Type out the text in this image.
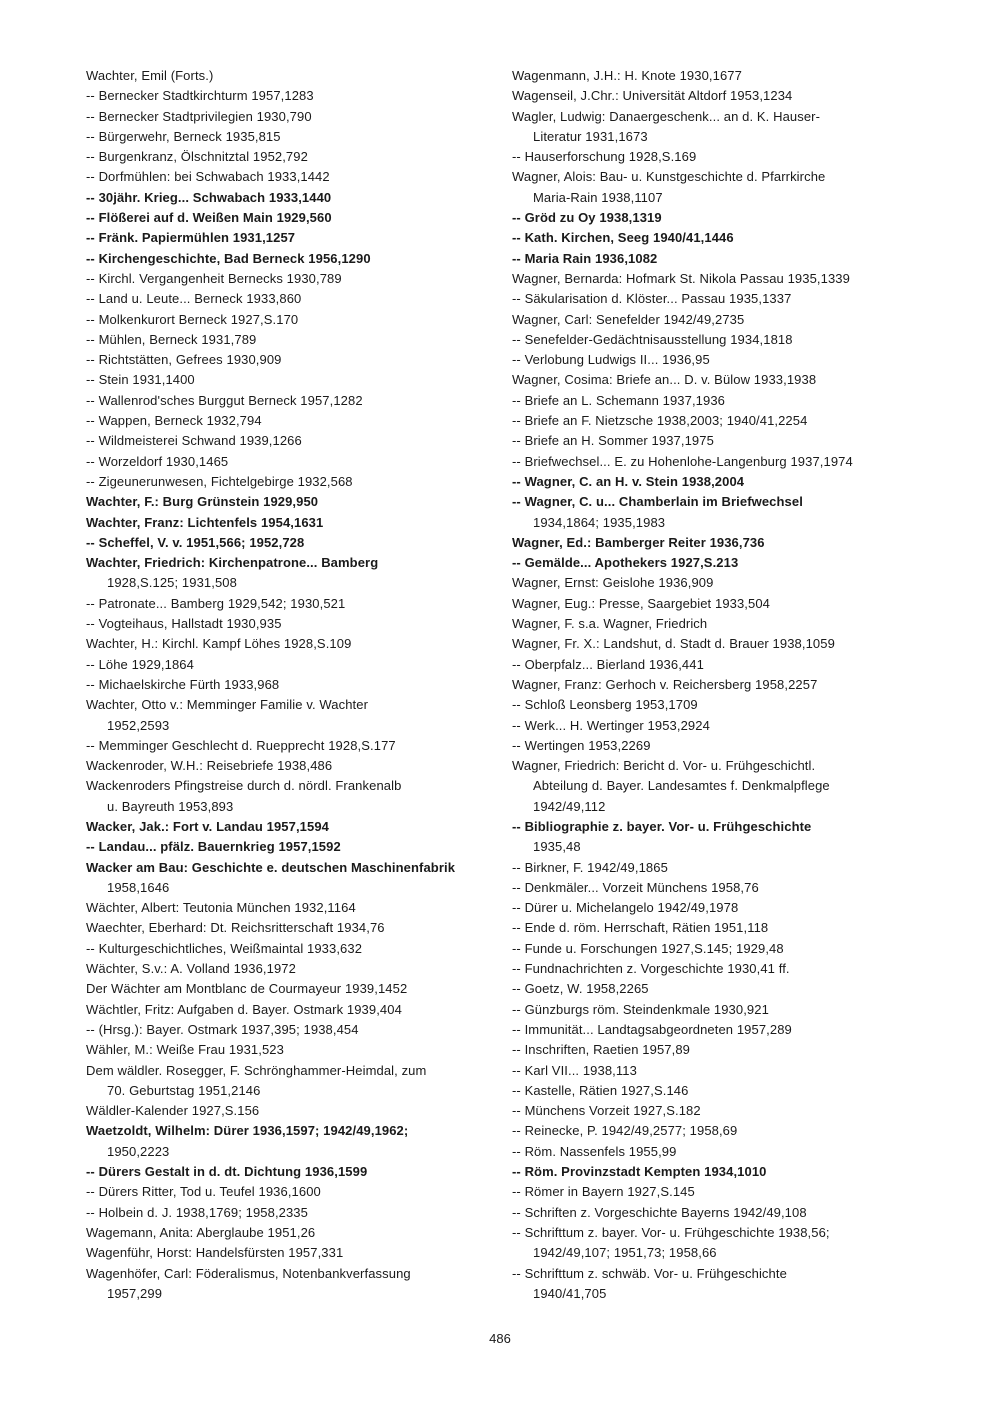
Wachter, Emil (Forts.)
-- Bernecker Stadtkirchturm 1957,1283
-- Bernecker Stadtprivilegien 1930,790
-- Bürgerwehr, Berneck 1935,815
-- Burgenkranz, Ölschnitztal 1952,792
-- Dorfmühlen: bei Schwabach 1933,1442
-- 30jähr. Krieg... Schwabach 1933,1440
-- Flößerei auf d. Weißen Main 1929,560
-- Fränk. Papiermühlen 1931,1257
-- Kirchengeschichte, Bad Berneck 1956,1290
-- Kirchl. Vergangenheit Bernecks 1930,789
-- Land u. Leute... Berneck 1933,860
-- Molkenkurort Berneck 1927,S.170
-- Mühlen, Berneck 1931,789
-- Richtstätten, Gefrees 1930,909
-- Stein 1931,1400
-- Wallenrod'sches Burggut Berneck 1957,1282
-- Wappen, Berneck 1932,794
-- Wildmeisterei Schwand 1939,1266
-- Worzeldorf 1930,1465
-- Zigeunerunwesen, Fichtelgebirge 1932,568
Wachter, F.: Burg Grünstein 1929,950
Wachter, Franz: Lichtenfels 1954,1631
-- Scheffel, V. v. 1951,566; 1952,728
Wachter, Friedrich: Kirchenpatrone... Bamberg
1928,S.125; 1931,508
-- Patronate... Bamberg 1929,542; 1930,521
-- Vogteihaus, Hallstadt 1930,935
Wachter, H.: Kirchl. Kampf Löhes 1928,S.109
-- Löhe 1929,1864
-- Michaelskirche Fürth 1933,968
Wachter, Otto v.: Memminger Familie v. Wachter
1952,2593
-- Memminger Geschlecht d. Ruepprecht 1928,S.177
Wackenroder, W.H.: Reisebriefe 1938,486
Wackenroders Pfingstreise durch d. nördl. Frankenalb
u. Bayreuth 1953,893
Wacker, Jak.: Fort v. Landau 1957,1594
-- Landau... pfälz. Bauernkrieg 1957,1592
Wacker am Bau: Geschichte e. deutschen Maschinenfabrik
1958,1646
Wächter, Albert: Teutonia München 1932,1164
Waechter, Eberhard: Dt. Reichsritterschaft 1934,76
-- Kulturgeschichtliches, Weißmaintal 1933,632
Wächter, S.v.: A. Volland 1936,1972
Der Wächter am Montblanc de Courmayeur 1939,1452
Wächtler, Fritz: Aufgaben d. Bayer. Ostmark 1939,404
-- (Hrsg.): Bayer. Ostmark 1937,395; 1938,454
Wähler, M.: Weiße Frau 1931,523
Dem wäldler. Rosegger, F. Schrönghammer-Heimdal, zum
70. Geburtstag 1951,2146
Wäldler-Kalender 1927,S.156
Waetzoldt, Wilhelm: Dürer 1936,1597; 1942/49,1962;
1950,2223
-- Dürers Gestalt in d. dt. Dichtung 1936,1599
-- Dürers Ritter, Tod u. Teufel 1936,1600
-- Holbein d. J. 1938,1769; 1958,2335
Wagemann, Anita: Aberglaube 1951,26
Wagenführ, Horst: Handelsfürsten 1957,331
Wagenhöfer, Carl: Föderalismus, Notenbankverfassung
1957,299
Wagenmann, J.H.: H. Knote 1930,1677
Wagenseil, J.Chr.: Universität Altdorf 1953,1234
Wagler, Ludwig: Danaergeschenk... an d. K. Hauser-
Literatur 1931,1673
-- Hauserforschung 1928,S.169
Wagner, Alois: Bau- u. Kunstgeschichte d. Pfarrkirche
Maria-Rain 1938,1107
-- Gröd zu Oy 1938,1319
-- Kath. Kirchen, Seeg 1940/41,1446
-- Maria Rain 1936,1082
Wagner, Bernarda: Hofmark St. Nikola Passau 1935,1339
-- Säkularisation d. Klöster... Passau 1935,1337
Wagner, Carl: Senefelder 1942/49,2735
-- Senefelder-Gedächtnisausstellung 1934,1818
-- Verlobung Ludwigs II... 1936,95
Wagner, Cosima: Briefe an... D. v. Bülow 1933,1938
-- Briefe an L. Schemann 1937,1936
-- Briefe an F. Nietzsche 1938,2003; 1940/41,2254
-- Briefe an H. Sommer 1937,1975
-- Briefwechsel... E. zu Hohenlohe-Langenburg 1937,1974
-- Wagner, C. an H. v. Stein 1938,2004
-- Wagner, C. u... Chamberlain im Briefwechsel
1934,1864; 1935,1983
Wagner, Ed.: Bamberger Reiter 1936,736
-- Gemälde... Apothekers 1927,S.213
Wagner, Ernst: Geislohe 1936,909
Wagner, Eug.: Presse, Saargebiet 1933,504
Wagner, F. s.a. Wagner, Friedrich
Wagner, Fr. X.: Landshut, d. Stadt d. Brauer 1938,1059
-- Oberpfalz... Bierland 1936,441
Wagner, Franz: Gerhoch v. Reichersberg 1958,2257
-- Schloß Leonsberg 1953,1709
-- Werk... H. Wertinger 1953,2924
-- Wertingen 1953,2269
Wagner, Friedrich: Bericht d. Vor- u. Frühgeschichtl.
Abteilung d. Bayer. Landesamtes f. Denkmalpflege
1942/49,112
-- Bibliographie z. bayer. Vor- u. Frühgeschichte
1935,48
-- Birkner, F. 1942/49,1865
-- Denkmäler... Vorzeit Münchens 1958,76
-- Dürer u. Michelangelo 1942/49,1978
-- Ende d. röm. Herrschaft, Rätien 1951,118
-- Funde u. Forschungen 1927,S.145; 1929,48
-- Fundnachrichten z. Vorgeschichte 1930,41 ff.
-- Goetz, W. 1958,2265
-- Günzburgs röm. Steindenkmale 1930,921
-- Immunität... Landtagsabgeordneten 1957,289
-- Inschriften, Raetien 1957,89
-- Karl VII... 1938,113
-- Kastelle, Rätien 1927,S.146
-- Münchens Vorzeit 1927,S.182
-- Reinecke, P. 1942/49,2577; 1958,69
-- Röm. Nassenfels 1955,99
-- Röm. Provinzstadt Kempten 1934,1010
-- Römer in Bayern 1927,S.145
-- Schriften z. Vorgeschichte Bayerns 1942/49,108
-- Schrifttum z. bayer. Vor- u. Frühgeschichte 1938,56;
1942/49,107; 1951,73; 1958,66
-- Schrifttum z. schwäb. Vor- u. Frühgeschichte
1940/41,705
486
